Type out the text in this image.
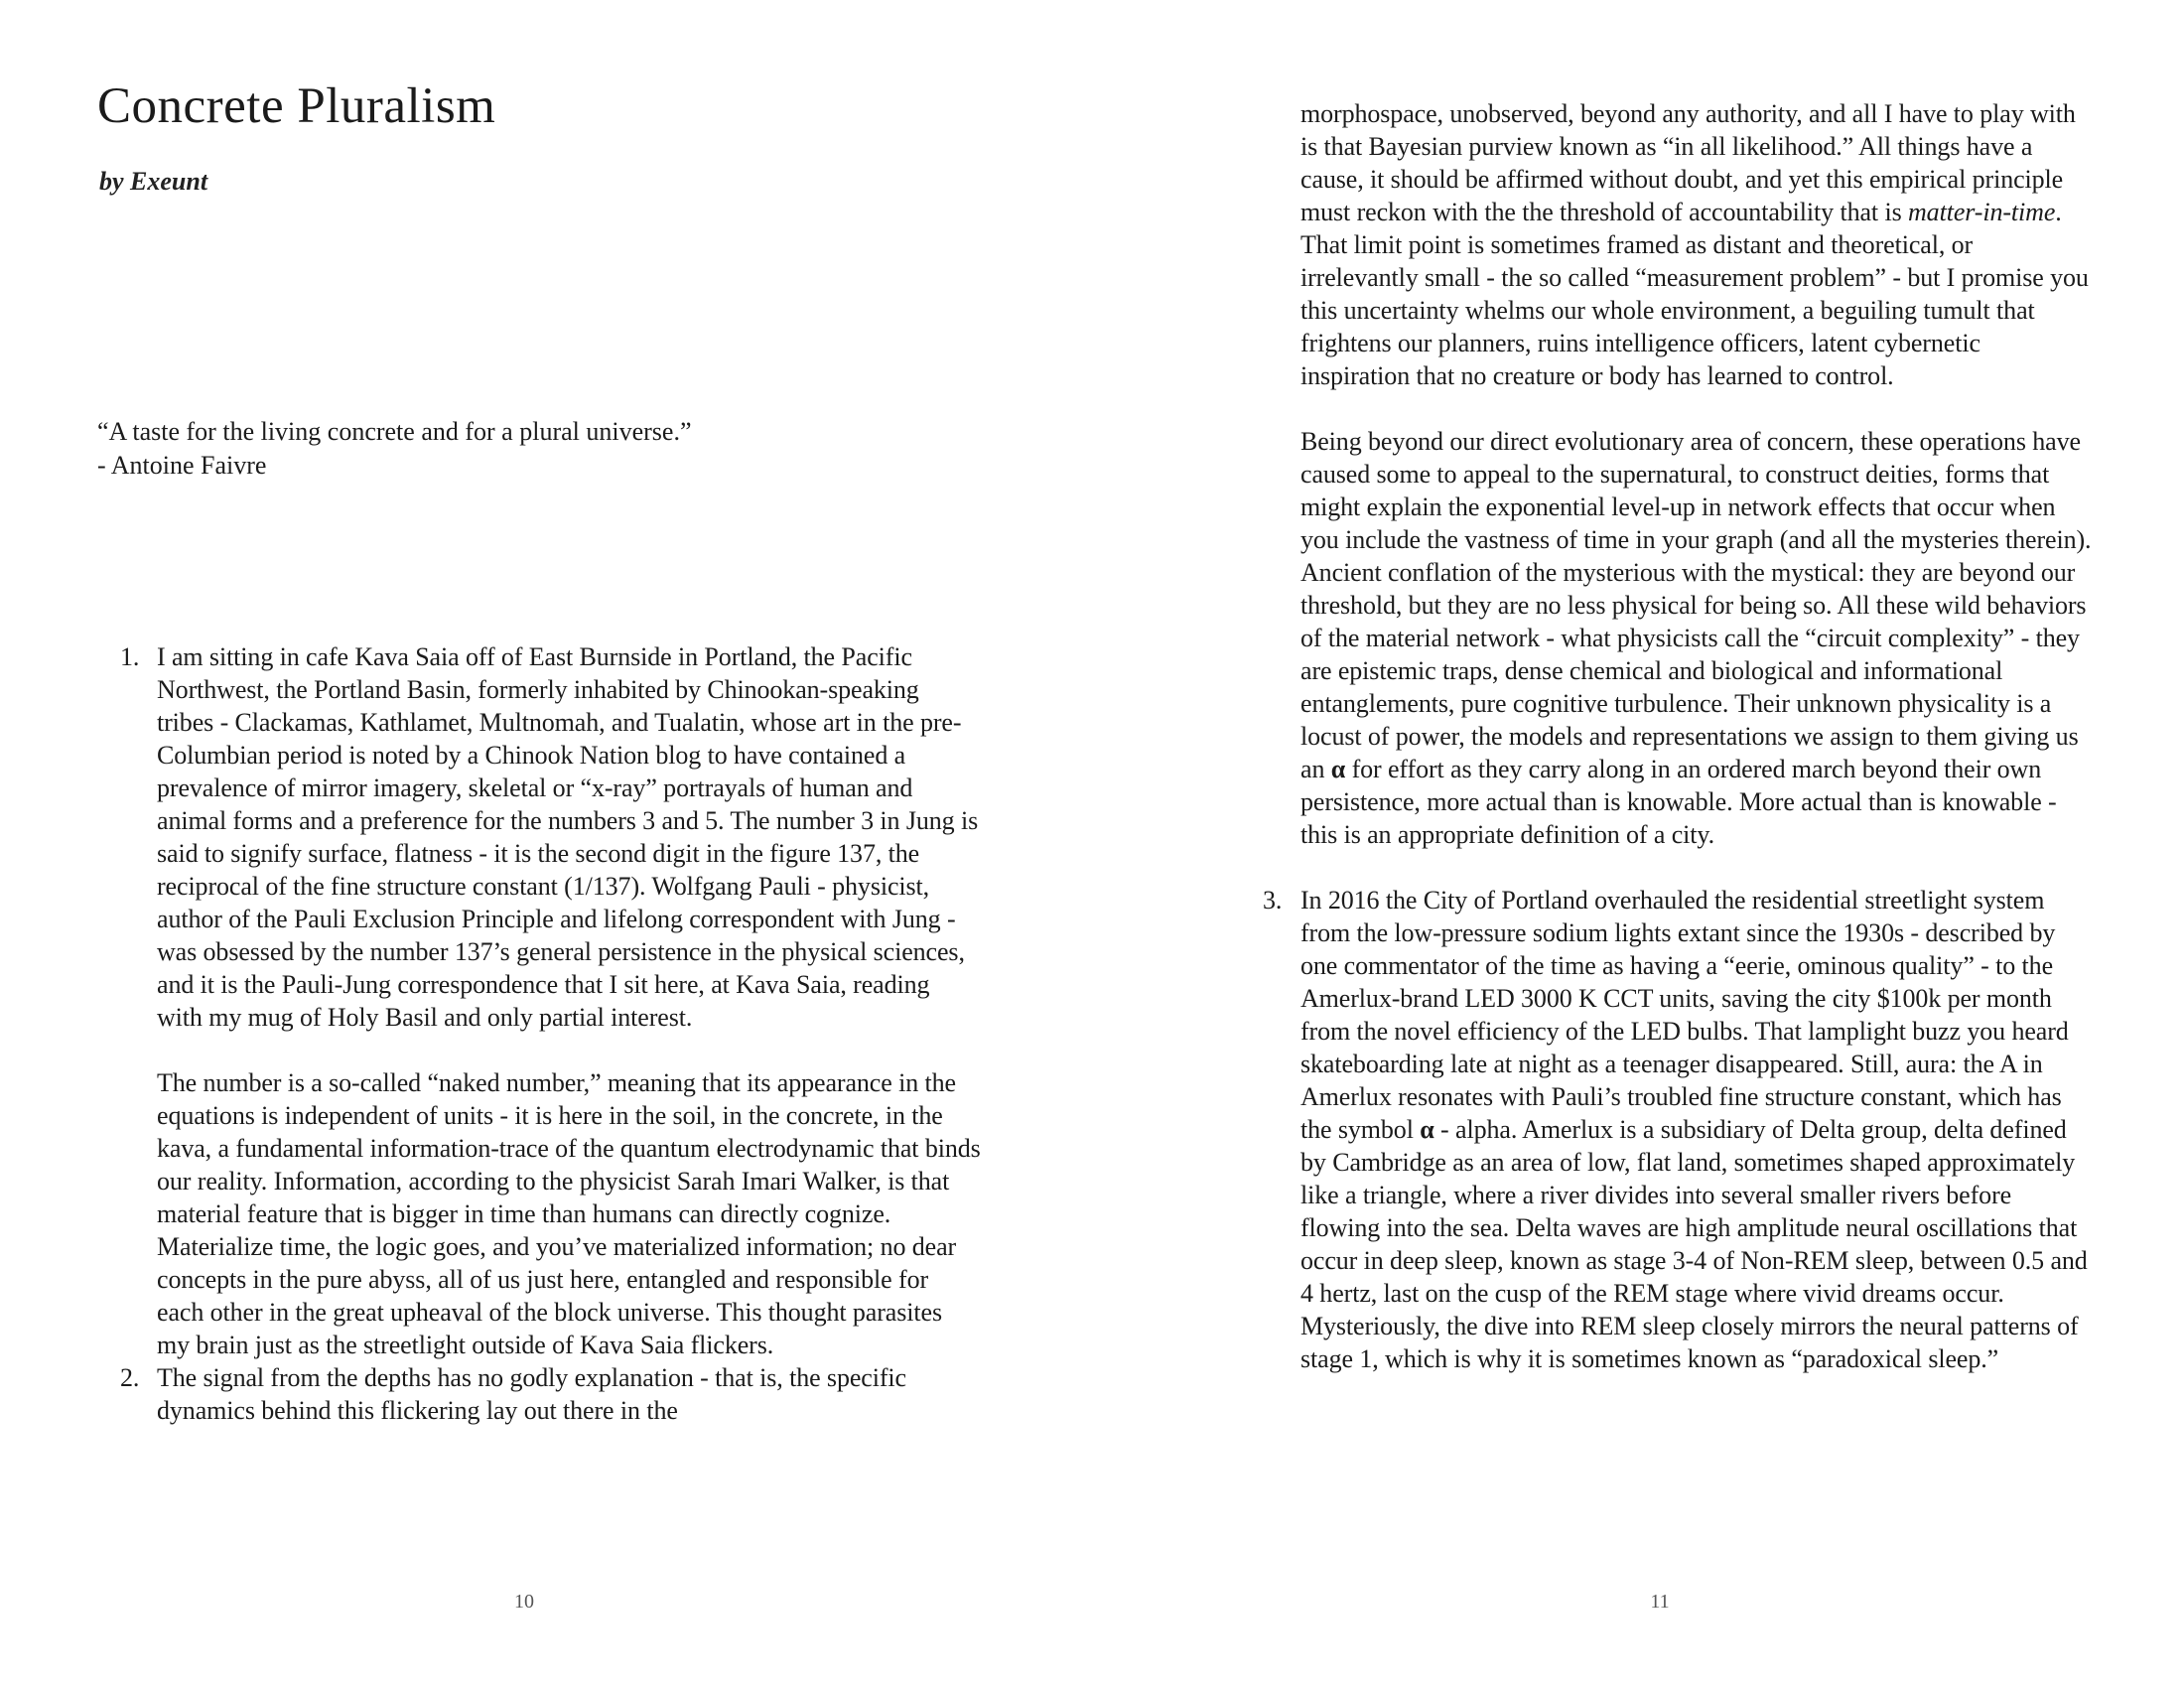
Concrete Pluralism
by Exeunt
“A taste for the living concrete and for a plural universe.”
- Antoine Faivre
1. I am sitting in cafe Kava Saia off of East Burnside in Portland, the Pacific Northwest, the Portland Basin, formerly inhabited by Chinookan-speaking tribes - Clackamas, Kathlamet, Multnomah, and Tualatin, whose art in the pre-Columbian period is noted by a Chinook Nation blog to have contained a prevalence of mirror imagery, skeletal or “x-ray” portrayals of human and animal forms and a preference for the numbers 3 and 5. The number 3 in Jung is said to signify surface, flatness - it is the second digit in the figure 137, the reciprocal of the fine structure constant (1/137). Wolfgang Pauli - physicist, author of the Pauli Exclusion Principle and lifelong correspondent with Jung - was obsessed by the number 137’s general persistence in the physical sciences, and it is the Pauli-Jung correspondence that I sit here, at Kava Saia, reading with my mug of Holy Basil and only partial interest.

The number is a so-called “naked number,” meaning that its appearance in the equations is independent of units - it is here in the soil, in the concrete, in the kava, a fundamental information-trace of the quantum electrodynamic that binds our reality. Information, according to the physicist Sarah Imari Walker, is that material feature that is bigger in time than humans can directly cognize. Materialize time, the logic goes, and you’ve materialized information; no dear concepts in the pure abyss, all of us just here, entangled and responsible for each other in the great upheaval of the block universe. This thought parasites my brain just as the streetlight outside of Kava Saia flickers.

2. The signal from the depths has no godly explanation - that is, the specific dynamics behind this flickering lay out there in the

10

morphospace, unobserved, beyond any authority, and all I have to play with is that Bayesian purview known as “in all likelihood.” All things have a cause, it should be affirmed without doubt, and yet this empirical principle must reckon with the the threshold of accountability that is matter-in-time. That limit point is sometimes framed as distant and theoretical, or irrelevantly small - the so called “measurement problem” - but I promise you this uncertainty whelms our whole environment, a beguiling tumult that frightens our planners, ruins intelligence officers, latent cybernetic inspiration that no creature or body has learned to control.

Being beyond our direct evolutionary area of concern, these operations have caused some to appeal to the supernatural, to construct deities, forms that might explain the exponential level-up in network effects that occur when you include the vastness of time in your graph (and all the mysteries therein). Ancient conflation of the mysterious with the mystical: they are beyond our threshold, but they are no less physical for being so. All these wild behaviors of the material network - what physicists call the “circuit complexity” - they are epistemic traps, dense chemical and biological and informational entanglements, pure cognitive turbulence. Their unknown physicality is a locust of power, the models and representations we assign to them giving us an α for effort as they carry along in an ordered march beyond their own persistence, more actual than is knowable. More actual than is knowable - this is an appropriate definition of a city.

3. In 2016 the City of Portland overhauled the residential streetlight system from the low-pressure sodium lights extant since the 1930s - described by one commentator of the time as having a “eerie, ominous quality” - to the Amerlux-brand LED 3000 K CCT units, saving the city $100k per month from the novel efficiency of the LED bulbs. That lamplight buzz you heard skateboarding late at night as a teenager disappeared. Still, aura: the A in Amerlux resonates with Pauli’s troubled fine structure constant, which has the symbol α - alpha. Amerlux is a subsidiary of Delta group, delta defined by Cambridge as an area of low, flat land, sometimes shaped approximately like a triangle, where a river divides into several smaller rivers before flowing into the sea. Delta waves are high amplitude neural oscillations that occur in deep sleep, known as stage 3-4 of Non-REM sleep, between 0.5 and 4 hertz, last on the cusp of the REM stage where vivid dreams occur.

Mysteriously, the dive into REM sleep closely mirrors the neural patterns of stage 1, which is why it is sometimes known as “paradoxical sleep.”

11
